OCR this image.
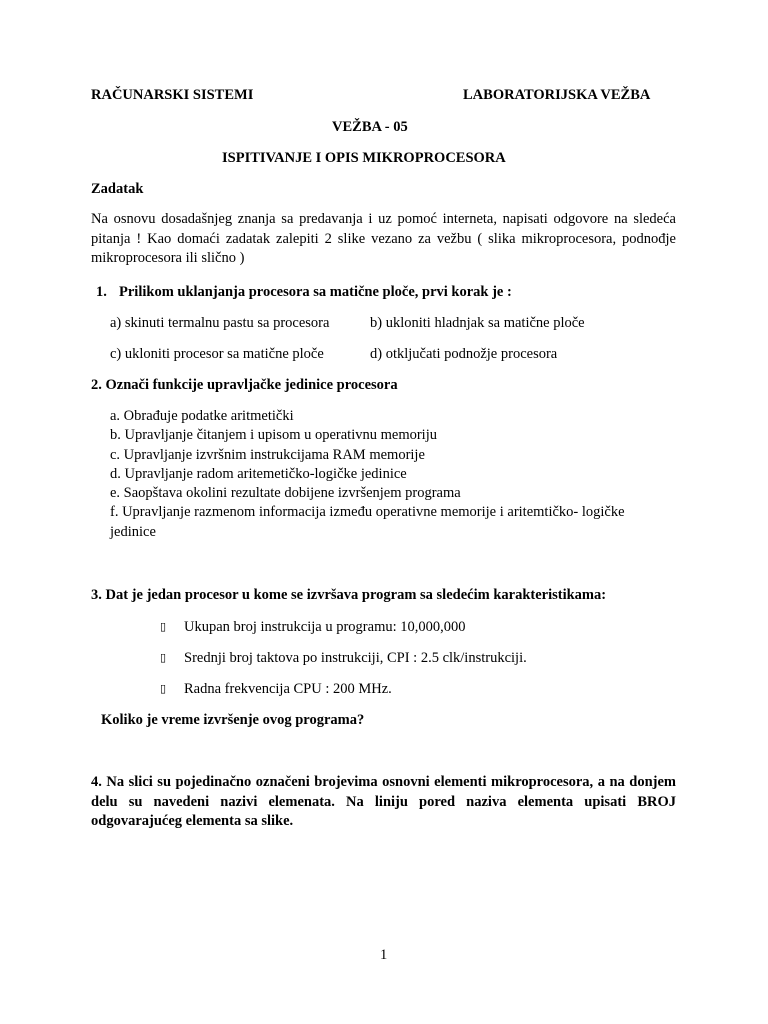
RAČUNARSKI SISTEMI	LABORATORIJSKA VEŽBA
VEŽBA - 05
ISPITIVANJE I OPIS MIKROPROCESORA
Zadatak
Na osnovu dosadašnjeg znanja sa predavanja i uz pomoć interneta, napisati odgovore na sledeća pitanja ! Kao domaći zadatak zalepiti 2 slike vezano za vežbu ( slika mikroprocesora, podnođje mikroprocesora ili slično )
1. Prilikom uklanjanja procesora sa matične ploče, prvi korak je :
a) skinuti termalnu pastu sa procesora	b) ukloniti hladnjak sa matične ploče
c) ukloniti procesor sa matične ploče	d) otključati podnožje procesora
2. Označi funkcije upravljačke jedinice procesora
a. Obrađuje podatke aritmetički
b. Upravljanje čitanjem i upisom u operativnu memoriju
c. Upravljanje izvršnim instrukcijama RAM memorije
d. Upravljanje radom aritemetičko-logičke jedinice
e. Saopštava okolini rezultate dobijene izvršenjem programa
f. Upravljanje razmenom informacija između operativne memorije i aritemtičko- logičke
jedinice
3. Dat je jedan procesor u kome se izvršava program sa sledećim karakteristikama:
▯ Ukupan broj instrukcija u programu: 10,000,000
▯ Srednji broj taktova po instrukciji, CPI : 2.5 clk/instrukciji.
▯ Radna frekvencija CPU : 200 MHz.
Koliko je vreme izvršenje ovog programa?
4. Na slici su pojedinačno označeni brojevima osnovni elementi mikroprocesora, a na donjem delu su navedeni nazivi elemenata. Na liniju pored naziva elementa upisati BROJ odgovarajućeg elementa sa slike.
1
